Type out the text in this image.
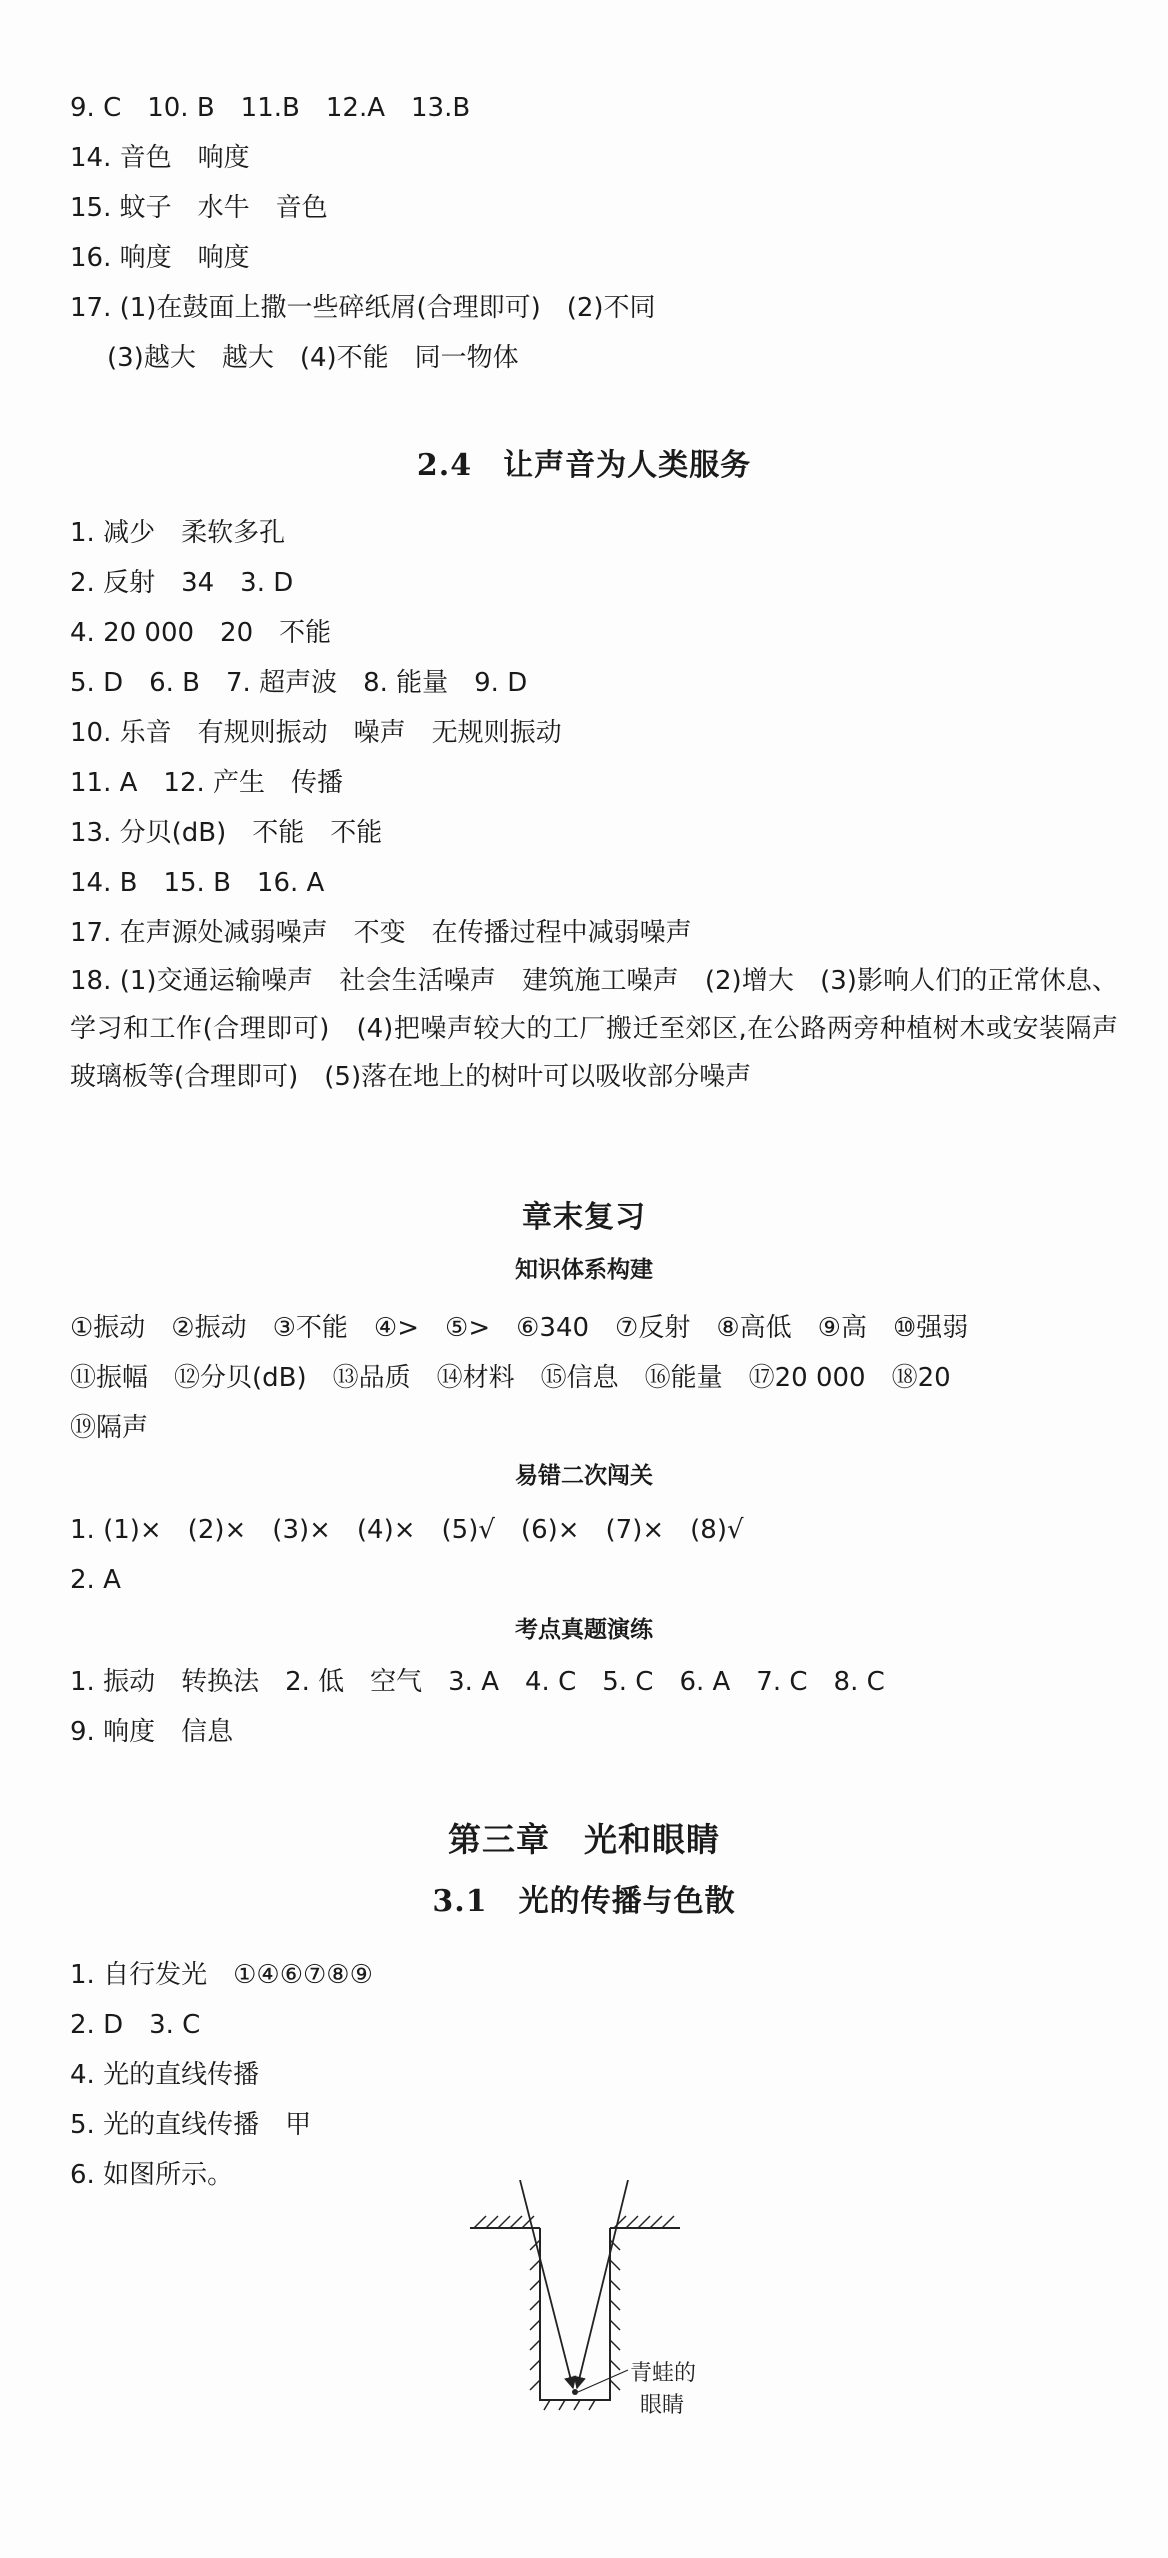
9. C　10. B　11.B　12.A　13.B
14. 音色　响度
15. 蚊子　水牛　音色
16. 响度　响度
17. (1)在鼓面上撒一些碎纸屑(合理即可)　(2)不同
(3)越大　越大　(4)不能　同一物体
2.4　让声音为人类服务
1. 减少　柔软多孔
2. 反射　34　3. D
4. 20 000　20　不能
5. D　6. B　7. 超声波　8. 能量　9. D
10. 乐音　有规则振动　噪声　无规则振动
11. A　12. 产生　传播
13. 分贝(dB)　不能　不能
14. B　15. B　16. A
17. 在声源处减弱噪声　不变　在传播过程中减弱噪声
18. (1)交通运输噪声　社会生活噪声　建筑施工噪声　(2)增大　(3)影响人们的正常休息、学习和工作(合理即可)　(4)把噪声较大的工厂搬迁至郊区,在公路两旁种植树木或安装隔声玻璃板等(合理即可)　(5)落在地上的树叶可以吸收部分噪声
章末复习
知识体系构建
①振动　②振动　③不能　④>　⑤>　⑥340　⑦反射　⑧高低　⑨高　⑩强弱
⑪振幅　⑫分贝(dB)　⑬品质　⑭材料　⑮信息　⑯能量　⑰20 000　⑱20
⑲隔声
易错二次闯关
1. (1)×　(2)×　(3)×　(4)×　(5)√　(6)×　(7)×　(8)√
2. A
考点真题演练
1. 振动　转换法　2. 低　空气　3. A　4. C　5. C　6. A　7. C　8. C
9. 响度　信息
第三章　光和眼睛
3.1　光的传播与色散
1. 自行发光　①④⑥⑦⑧⑨
2. D　3. C
4. 光的直线传播
5. 光的直线传播　甲
6. 如图所示。
青蛙的
眼睛
